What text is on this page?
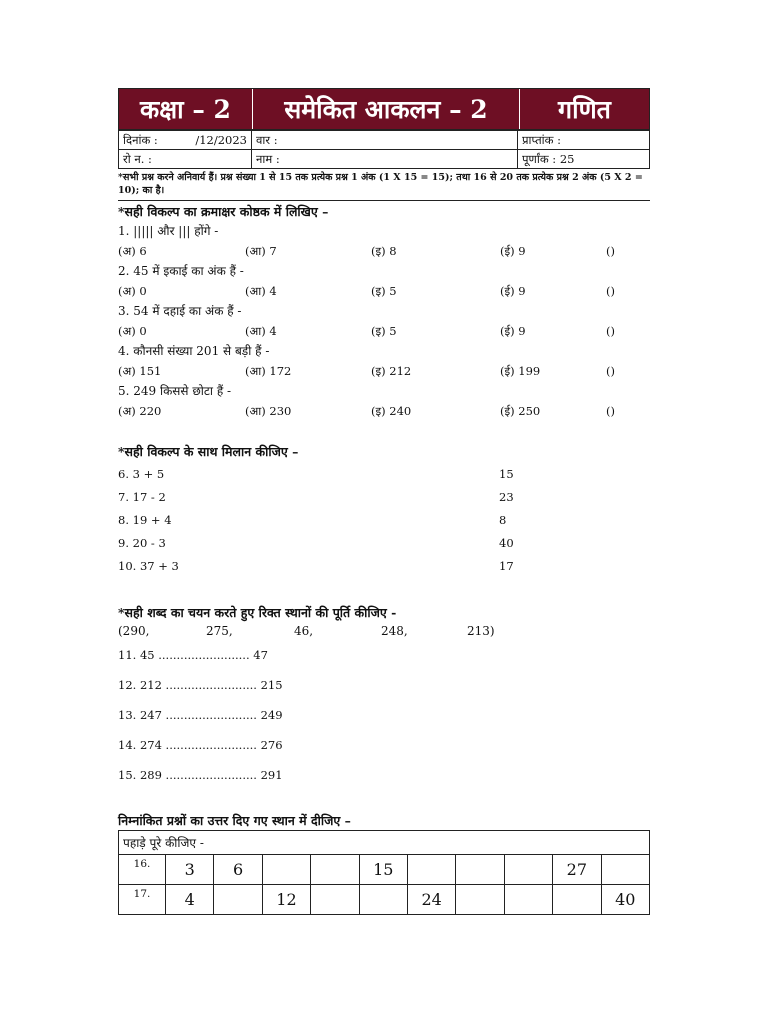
कक्षा – 2	समेकित आकलन – 2	गणित
दिनांक : /12/2023	वार :	प्राप्तांक :
रो न. :	नाम :	पूर्णांक : 25
*सभी प्रश्न करने अनिवार्य हैं। प्रश्न संख्या 1 से 15 तक प्रत्येक प्रश्न 1 अंक (1 X 15 = 15); तथा 16 से 20 तक प्रत्येक प्रश्न 2 अंक (5 X 2 = 10); का है।
*सही विकल्प का क्रमाक्षर कोष्ठक में लिखिए –
1. ||||| और ||| होंगे -
(अ) 6	(आ) 7	(इ) 8	(ई) 9	()
2. 45 में इकाई का अंक हैं -
(अ) 0	(आ) 4	(इ) 5	(ई) 9	()
3. 54 में दहाई का अंक हैं -
(अ) 0	(आ) 4	(इ) 5	(ई) 9	()
4. कौनसी संख्या 201 से बड़ी हैं -
(अ) 151	(आ) 172	(इ) 212	(ई) 199	()
5. 249 किससे छोटा हैं -
(अ) 220	(आ) 230	(इ) 240	(ई) 250	()
*सही विकल्प के साथ मिलान कीजिए –
6. 3 + 5	15
7. 17 - 2	23
8. 19 + 4	8
9. 20 - 3	40
10. 37 + 3	17
*सही शब्द का चयन करते हुए रिक्त स्थानों की पूर्ति कीजिए -
(290,	275,	46,	248,	213)
11. 45 ......................... 47
12. 212 ......................... 215
13. 247 ......................... 249
14. 274 ......................... 276
15. 289 ......................... 291
निम्नांकित प्रश्नों का उत्तर दिए गए स्थान में दीजिए –
पहाड़े पूरे कीजिए -										
16.	3	6			15				27	
17.	4		12			24				40
